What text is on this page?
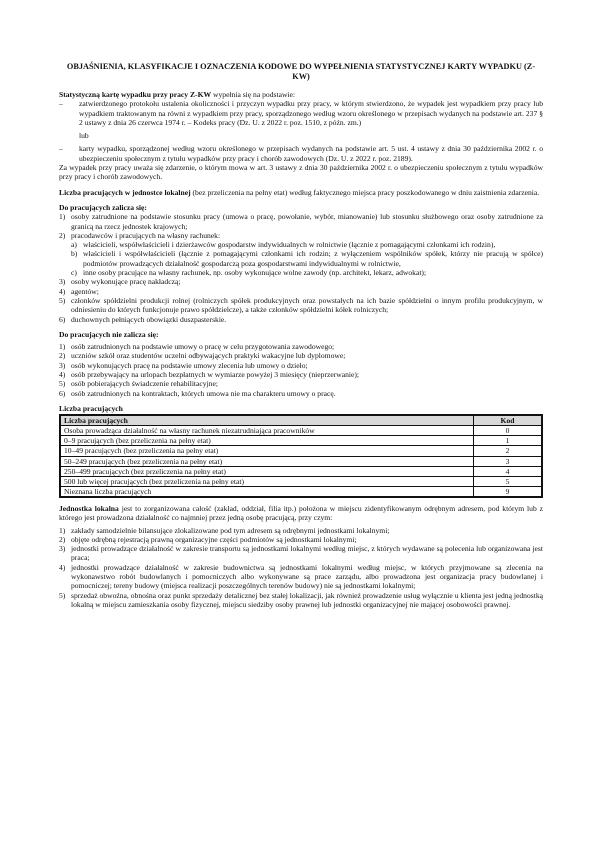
OBJAŚNIENIA, KLASYFIKACJE I OZNACZENIA KODOWE DO WYPEŁNIENIA STATYSTYCZNEJ KARTY WYPADKU (Z-KW)

Statystyczną kartę wypadku przy pracy Z-KW wypełnia się na podstawie:

– zatwierdzonego protokołu ustalenia okoliczności i przyczyn wypadku przy pracy, w którym stwierdzono, że wypadek jest wypadkiem przy pracy lub wypadkiem traktowanym na równi z wypadkiem przy pracy, sporządzonego według wzoru określonego w przepisach wydanych na podstawie art. 237 § 2 ustawy z dnia 26 czerwca 1974 r. – Kodeks pracy (Dz. U. z 2022 r. poz. 1510, z późn. zm.)
lub
– karty wypadku, sporządzonej według wzoru określonego w przepisach wydanych na podstawie art. 5 ust. 4 ustawy z dnia 30 października 2002 r. o ubezpieczeniu społecznym z tytułu wypadków przy pracy i chorób zawodowych (Dz. U. z 2022 r. poz. 2189).

Za wypadek przy pracy uważa się zdarzenie, o którym mowa w art. 3 ustawy z dnia 30 października 2002 r. o ubezpieczeniu społecznym z tytułu wypadków przy pracy i chorób zawodowych.

Liczba pracujących w jednostce lokalnej (bez przeliczenia na pełny etat) według faktycznego miejsca pracy poszkodowanego w dniu zaistnienia zdarzenia.

Do pracujących zalicza się:

1) osoby zatrudnione na podstawie stosunku pracy (umowa o pracę, powołanie, wybór, mianowanie) lub stosunku służbowego oraz osoby zatrudnione za granicą na rzecz jednostek krajowych;
2) pracodawców i pracujących na własny rachunek:
a) właścicieli, współwłaścicieli i dzierżawców gospodarstw indywidualnych w rolnictwie (łącznie z pomagającymi członkami ich rodzin),
b) właścicieli i współwłaścicieli (łącznie z pomagającymi członkami ich rodzin; z wyłączeniem wspólników spółek, którzy nie pracują w spółce) podmiotów prowadzących działalność gospodarczą poza gospodarstwami indywidualnymi w rolnictwie,
c) inne osoby pracujące na własny rachunek, np. osoby wykonujące wolne zawody (np. architekt, lekarz, adwokat);
3) osoby wykonujące pracę nakładczą;
4) agentów;
5) członków spółdzielni produkcji rolnej (rolniczych spółek produkcyjnych oraz powstałych na ich bazie spółdzielni o innym profilu produkcyjnym, w odniesieniu do których funkcjonuje prawo spółdzielcze), a także członków spółdzielni kółek rolniczych;
6) duchownych pełniących obowiązki duszpasterskie.

Do pracujących nie zalicza się:

1) osób zatrudnionych na podstawie umowy o pracę w celu przygotowania zawodowego;
2) uczniów szkół oraz studentów uczelni odbywających praktyki wakacyjne lub dyplomowe;
3) osób wykonujących pracę na podstawie umowy zlecenia lub umowy o dzieło;
4) osób przebywający na urlopach bezpłatnych w wymiarze powyżej 3 miesięcy (nieprzerwanie);
5) osób pobierających świadczenie rehabilitacyjne;
6) osób zatrudnionych na kontraktach, których umowa nie ma charakteru umowy o pracę.

Liczba pracujących

Liczba pracujących	Kod
Osoba prowadząca działalność na własny rachunek niezatrudniająca pracowników	0
0–9 pracujących (bez przeliczenia na pełny etat)	1
10–49 pracujących (bez przeliczenia na pełny etat)	2
50–249 pracujących (bez przeliczenia na pełny etat)	3
250–499 pracujących (bez przeliczenia na pełny etat)	4
500 lub więcej pracujących (bez przeliczenia na pełny etat)	5
Nieznana liczba pracujących	9

Jednostka lokalna jest to zorganizowana całość (zakład, oddział, filia itp.) położona w miejscu zidentyfikowanym odrębnym adresem, pod którym lub z którego jest prowadzona działalność co najmniej przez jedną osobę pracującą, przy czym:

1) zakłady samodzielnie bilansujące zlokalizowane pod tym adresem są odrębnymi jednostkami lokalnymi;
2) objęte odrębną rejestracją prawną organizacyjne części podmiotów są jednostkami lokalnymi;
3) jednostki prowadzące działalność w zakresie transportu są jednostkami lokalnymi według miejsc, z których wydawane są polecenia lub organizowana jest praca;
4) jednostki prowadzące działalność w zakresie budownictwa są jednostkami lokalnymi według miejsc, w których przyjmowane są zlecenia na wykonawstwo robót budowlanych i pomocniczych albo wykonywane są prace zarządu, albo prowadzona jest organizacja pracy budowlanej i pomocniczej; tereny budowy (miejsca realizacji poszczególnych terenów budowy) nie są jednostkami lokalnymi;
5) sprzedaż obwoźna, obnośna oraz punkt sprzedaży detalicznej bez stałej lokalizacji, jak również prowadzenie usług wyłącznie u klienta jest jedną jednostką lokalną w miejscu zamieszkania osoby fizycznej, miejscu siedziby osoby prawnej lub jednostki organizacyjnej nie mającej osobowości prawnej.
